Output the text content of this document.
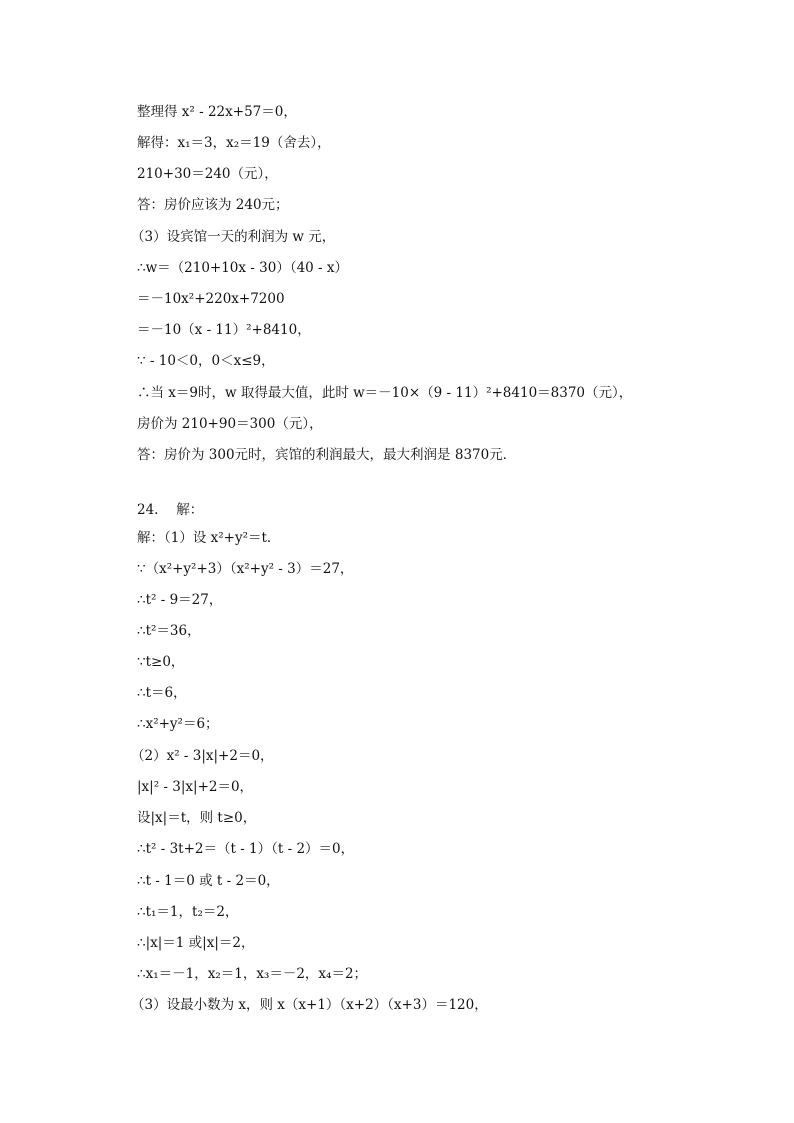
整理得 x² - 22x+57＝0，
解得：x₁＝3，x₂＝19（舍去），
210+30＝240（元），
答：房价应该为 240元；
（3）设宾馆一天的利润为 w 元，
∴w＝（210+10x - 30）（40 - x）
＝－10x²+220x+7200
＝－10（x - 11）²+8410，
∵ - 10＜0，0＜x≤9，
∴当 x＝9时，w 取得最大值，此时 w＝－10×（9 - 11）²+8410＝8370（元），
房价为 210+90＝300（元），
答：房价为 300元时，宾馆的利润最大，最大利润是 8370元．
24.　 解：
解：（1）设 x²+y²＝t．
∵（x²+y²+3）（x²+y² - 3）＝27，
∴t² - 9＝27，
∴t²＝36，
∵t≥0，
∴t＝6，
∴x²+y²＝6；
（2）x² - 3|x|+2＝0，
|x|² - 3|x|+2＝0，
设|x|＝t，则 t≥0，
∴t² - 3t+2＝（t - 1）（t - 2）＝0，
∴t - 1＝0 或 t - 2＝0，
∴t₁＝1，t₂＝2，
∴|x|＝1 或|x|＝2，
∴x₁＝－1，x₂＝1，x₃＝－2，x₄＝2；
（3）设最小数为 x，则 x（x+1）（x+2）（x+3）＝120，
